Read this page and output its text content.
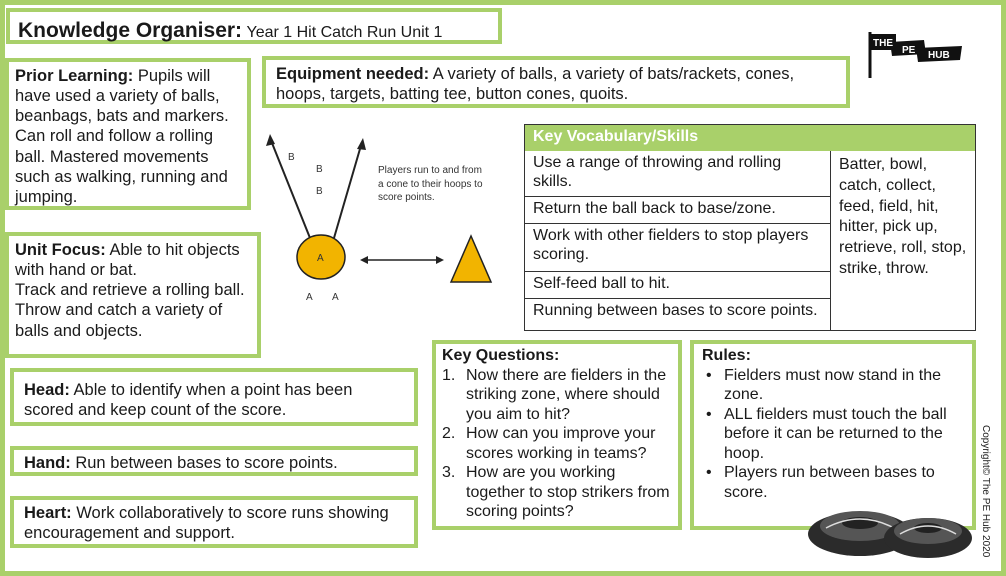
Knowledge Organiser: Year 1 Hit Catch Run Unit 1
Prior Learning: Pupils will have used a variety of balls, beanbags, bats and markers. Can roll and follow a rolling ball. Mastered movements such as walking, running and jumping.
Unit Focus: Able to hit objects with hand or bat.
Track and retrieve a rolling ball.
Throw and catch a variety of balls and objects.
Equipment needed: A variety of balls, a variety of bats/rackets, cones, hoops, targets, batting tee, button cones, quoits.
B
B
B
A
A A
Players run to and from a cone to their hoops to score points.
Key Vocabulary/Skills
Use a range of throwing and rolling skills.
Return the ball back to base/zone.
Work with other fielders to stop players scoring.
Self-feed ball to hit.
Running between bases to score points.
Batter, bowl, catch, collect, feed, field, hit, hitter, pick up, retrieve, roll, stop, strike, throw.
Head: Able to identify when a point has been scored and keep count of the score.
Hand: Run between bases to score points.
Heart: Work collaboratively to score runs showing encouragement and support.
Key Questions:
1. Now there are fielders in the striking zone, where should you aim to hit?
2. How can you improve your scores working in teams?
3. How are you working together to stop strikers from scoring points?
Rules:
• Fielders must now stand in the zone.
• ALL fielders must touch the ball before it can be returned to the hoop.
• Players run between bases to score.
THE
PE HUB
Copyright© The PE Hub 2020
